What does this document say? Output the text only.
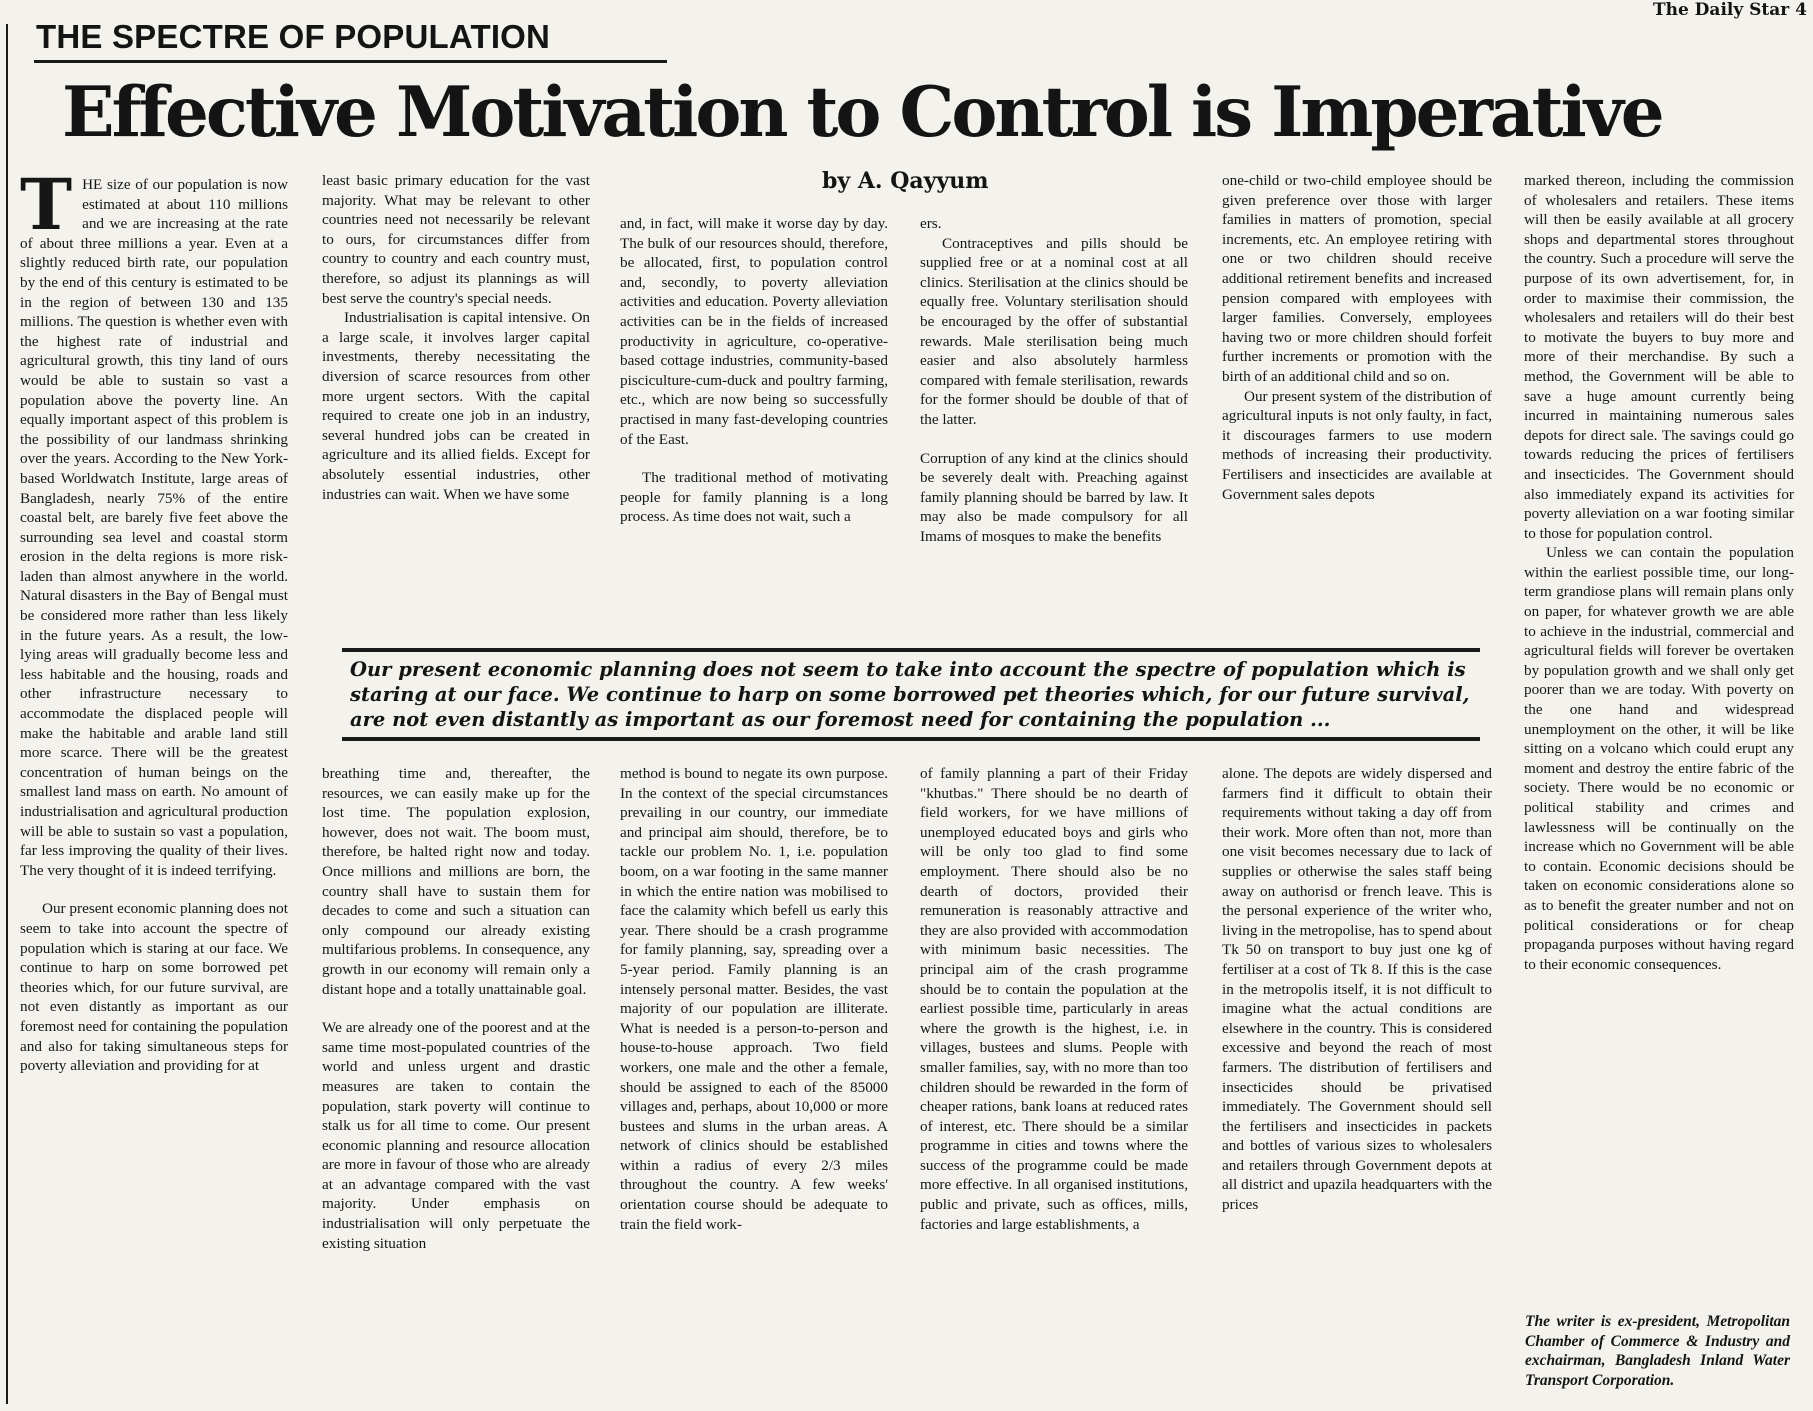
The Daily Star 4
THE SPECTRE OF POPULATION
Effective Motivation to Control is Imperative
by A. Qayyum

THE size of our population is now estimated at about 110 millions and we are increasing at the rate of about three millions a year. Even at a slightly reduced birth rate, our population by the end of this century is estimated to be in the region of between 130 and 135 millions. The question is whether even with the highest rate of industrial and agricultural growth, this tiny land of ours would be able to sustain so vast a population above the poverty line. An equally important aspect of this problem is the possibility of our landmass shrinking over the years. According to the New York-based Worldwatch Institute, large areas of Bangladesh, nearly 75% of the entire coastal belt, are barely five feet above the surrounding sea level and coastal storm erosion in the delta regions is more risk-laden than almost anywhere in the world. Natural disasters in the Bay of Bengal must be considered more rather than less likely in the future years. As a result, the low-lying areas will gradually become less and less habitable and the housing, roads and other infrastructure necessary to accommodate the displaced people will make the habitable and arable land still more scarce. There will be the greatest concentration of human beings on the smallest land mass on earth. No amount of industrialisation and agricultural production will be able to sustain so vast a population, far less improving the quality of their lives. The very thought of it is indeed terrifying.

Our present economic planning does not seem to take into account the spectre of population which is staring at our face. We continue to harp on some borrowed pet theories which, for our future survival, are not even distantly as important as our foremost need for containing the population and also for taking simultaneous steps for poverty alleviation and providing for at

least basic primary education for the vast majority. What may be relevant to other countries need not necessarily be relevant to ours, for circumstances differ from country to country and each country must, therefore, so adjust its plannings as will best serve the country's special needs.

Industrialisation is capital intensive. On a large scale, it involves larger capital investments, thereby necessitating the diversion of scarce resources from other more urgent sectors. With the capital required to create one job in an industry, several hundred jobs can be created in agriculture and its allied fields. Except for absolutely essential industries, other industries can wait. When we have some

and, in fact, will make it worse day by day. The bulk of our resources should, therefore, be allocated, first, to population control and, secondly, to poverty alleviation activities and education. Poverty alleviation activities can be in the fields of increased productivity in agriculture, co-operative-based cottage industries, community-based pisciculture-cum-duck and poultry farming, etc., which are now being so successfully practised in many fast-developing countries of the East.

The traditional method of motivating people for family planning is a long process. As time does not wait, such a

ers.

Contraceptives and pills should be supplied free or at a nominal cost at all clinics. Sterilisation at the clinics should be equally free. Voluntary sterilisation should be encouraged by the offer of substantial rewards. Male sterilisation being much easier and also absolutely harmless compared with female sterilisation, rewards for the former should be double of that of the latter.

Corruption of any kind at the clinics should be severely dealt with. Preaching against family planning should be barred by law. It may also be made compulsory for all Imams of mosques to make the benefits

one-child or two-child employee should be given preference over those with larger families in matters of promotion, special increments, etc. An employee retiring with one or two children should receive additional retirement benefits and increased pension compared with employees with larger families. Conversely, employees having two or more children should forfeit further increments or promotion with the birth of an additional child and so on.

Our present system of the distribution of agricultural inputs is not only faulty, in fact, it discourages farmers to use modern methods of increasing their productivity. Fertilisers and insecticides are available at Government sales depots

marked thereon, including the commission of wholesalers and retailers. These items will then be easily available at all grocery shops and departmental stores throughout the country. Such a procedure will serve the purpose of its own advertisement, for, in order to maximise their commission, the wholesalers and retailers will do their best to motivate the buyers to buy more and more of their merchandise. By such a method, the Government will be able to save a huge amount currently being incurred in maintaining numerous sales depots for direct sale. The savings could go towards reducing the prices of fertilisers and insecticides. The Government should also immediately expand its activities for poverty alleviation on a war footing similar to those for population control.

Unless we can contain the population within the earliest possible time, our long-term grandiose plans will remain plans only on paper, for whatever growth we are able to achieve in the industrial, commercial and agricultural fields will forever be overtaken by population growth and we shall only get poorer than we are today. With poverty on the one hand and widespread unemployment on the other, it will be like sitting on a volcano which could erupt any moment and destroy the entire fabric of the society. There would be no economic or political stability and crimes and lawlessness will be continually on the increase which no Government will be able to contain. Economic decisions should be taken on economic considerations alone so as to benefit the greater number and not on political considerations or for cheap propaganda purposes without having regard to their economic consequences.

Our present economic planning does not seem to take into account the spectre of population which is staring at our face. We continue to harp on some borrowed pet theories which, for our future survival, are not even distantly as important as our foremost need for containing the population ...

breathing time and, thereafter, the resources, we can easily make up for the lost time. The population explosion, however, does not wait. The boom must, therefore, be halted right now and today. Once millions and millions are born, the country shall have to sustain them for decades to come and such a situation can only compound our already existing multifarious problems. In consequence, any growth in our economy will remain only a distant hope and a totally unattainable goal.

We are already one of the poorest and at the same time most-populated countries of the world and unless urgent and drastic measures are taken to contain the population, stark poverty will continue to stalk us for all time to come. Our present economic planning and resource allocation are more in favour of those who are already at an advantage compared with the vast majority. Under emphasis on industrialisation will only perpetuate the existing situation

method is bound to negate its own purpose. In the context of the special circumstances prevailing in our country, our immediate and principal aim should, therefore, be to tackle our problem No. 1, i.e. population boom, on a war footing in the same manner in which the entire nation was mobilised to face the calamity which befell us early this year. There should be a crash programme for family planning, say, spreading over a 5-year period. Family planning is an intensely personal matter. Besides, the vast majority of our population are illiterate. What is needed is a person-to-person and house-to-house approach. Two field workers, one male and the other a female, should be assigned to each of the 85000 villages and, perhaps, about 10,000 or more bustees and slums in the urban areas. A network of clinics should be established within a radius of every 2/3 miles throughout the country. A few weeks' orientation course should be adequate to train the field work-

of family planning a part of their Friday "khutbas." There should be no dearth of field workers, for we have millions of unemployed educated boys and girls who will be only too glad to find some employment. There should also be no dearth of doctors, provided their remuneration is reasonably attractive and they are also provided with accommodation with minimum basic necessities. The principal aim of the crash programme should be to contain the population at the earliest possible time, particularly in areas where the growth is the highest, i.e. in villages, bustees and slums. People with smaller families, say, with no more than too children should be rewarded in the form of cheaper rations, bank loans at reduced rates of interest, etc. There should be a similar programme in cities and towns where the success of the programme could be made more effective. In all organised institutions, public and private, such as offices, mills, factories and large establishments, a

alone. The depots are widely dispersed and farmers find it difficult to obtain their requirements without taking a day off from their work. More often than not, more than one visit becomes necessary due to lack of supplies or otherwise the sales staff being away on authorisd or french leave. This is the personal experience of the writer who, living in the metropolise, has to spend about Tk 50 on transport to buy just one kg of fertiliser at a cost of Tk 8. If this is the case in the metropolis itself, it is not difficult to imagine what the actual conditions are elsewhere in the country. This is considered excessive and beyond the reach of most farmers. The distribution of fertilisers and insecticides should be privatised immediately. The Government should sell the fertilisers and insecticides in packets and bottles of various sizes to wholesalers and retailers through Government depots at all district and upazila headquarters with the prices

The writer is ex-president, Metropolitan Chamber of Commerce & Industry and exchairman, Bangladesh Inland Water Transport Corporation.
